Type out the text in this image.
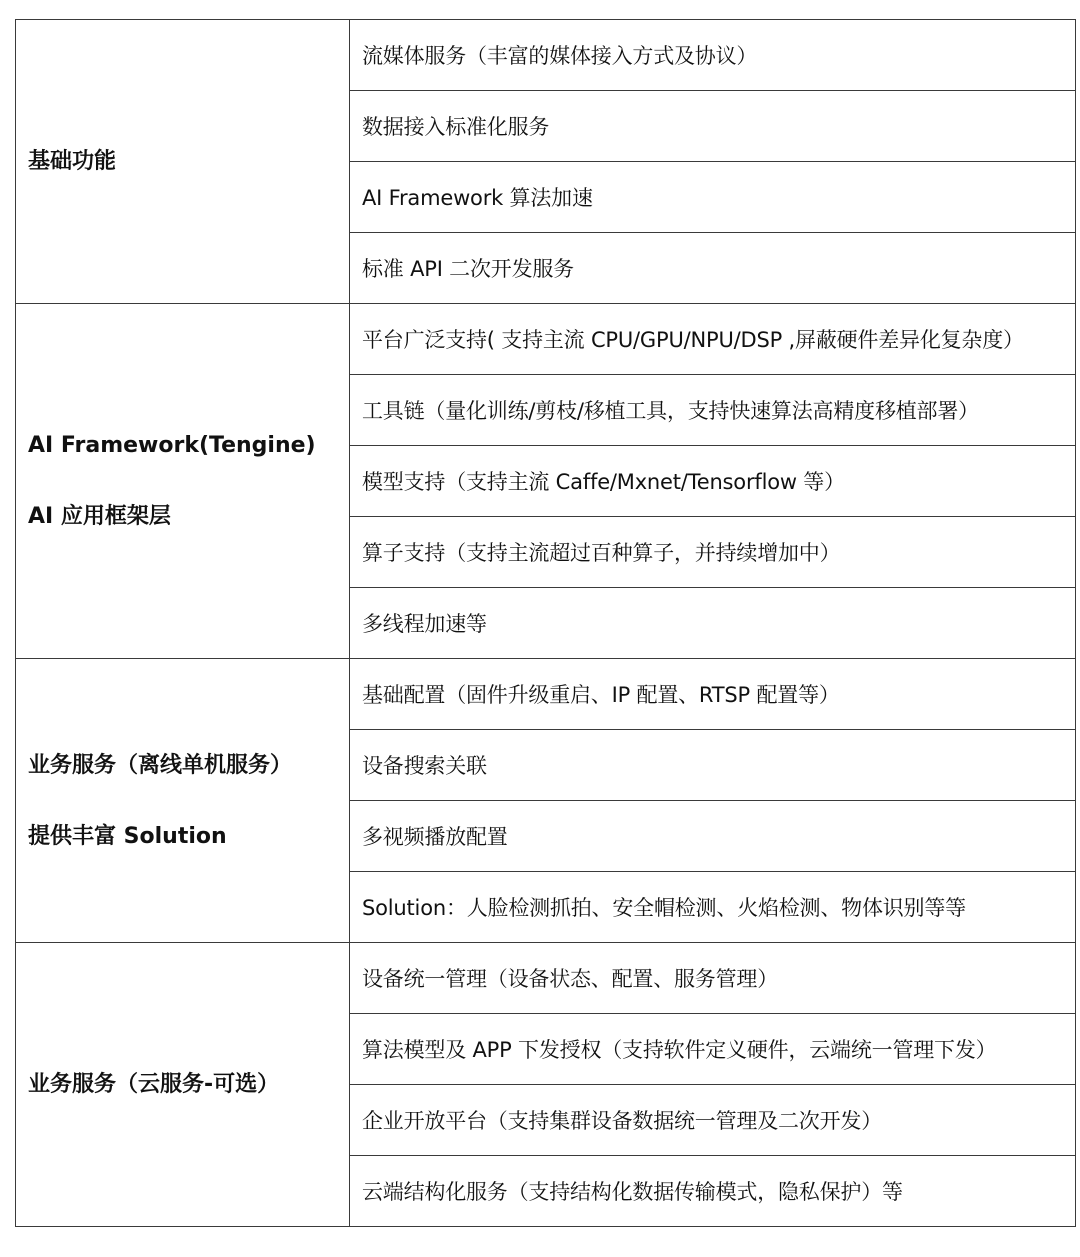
基础功能	流媒体服务（丰富的媒体接入方式及协议）
	数据接入标准化服务
	AI Framework 算法加速
	标准 API 二次开发服务

AI Framework(Tengine)
AI 应用框架层	平台广泛支持( 支持主流 CPU/GPU/NPU/DSP ,屏蔽硬件差异化复杂度）
	工具链（量化训练/剪枝/移植工具，支持快速算法高精度移植部署）
	模型支持（支持主流 Caffe/Mxnet/Tensorflow 等）
	算子支持（支持主流超过百种算子，并持续增加中）
	多线程加速等

业务服务（离线单机服务）
提供丰富 Solution	基础配置（固件升级重启、IP 配置、RTSP 配置等）
	设备搜索关联
	多视频播放配置
	Solution：人脸检测抓拍、安全帽检测、火焰检测、物体识别等等

业务服务（云服务-可选）	设备统一管理（设备状态、配置、服务管理）
	算法模型及 APP 下发授权（支持软件定义硬件，云端统一管理下发）
	企业开放平台（支持集群设备数据统一管理及二次开发）
	云端结构化服务（支持结构化数据传输模式，隐私保护）等
